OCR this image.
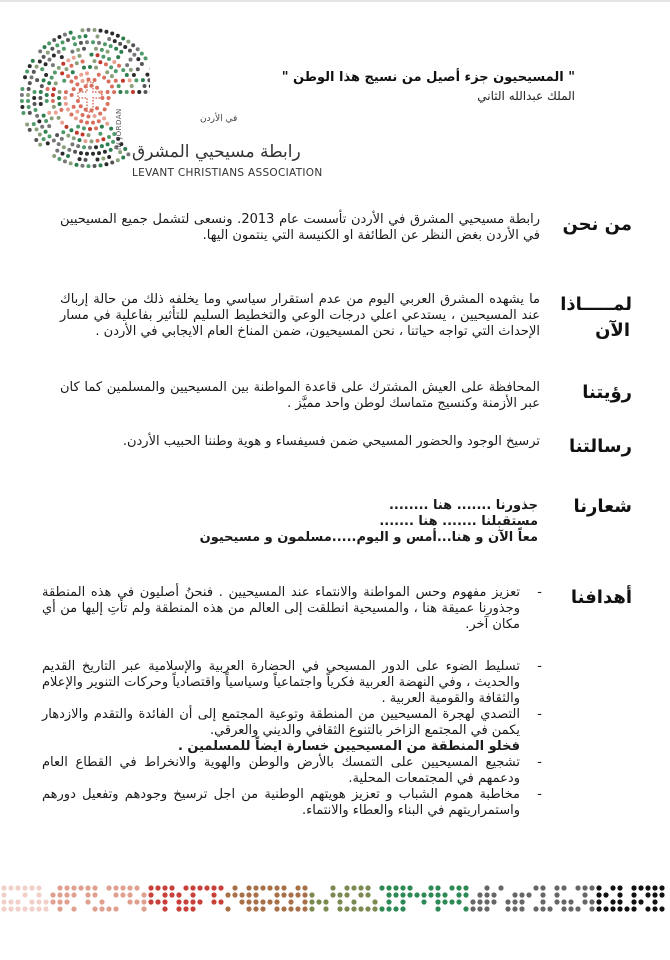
في الأردن
رابطة مسيحيي المشرق
LEVANT CHRISTIANS ASSOCIATION
IN JORDAN
" المسيحيون جزء أصيل من نسيج هذا الوطن "
الملك عبدالله الثاني
من نحن
رابطة مسيحيي المشرق في الأردن تأسست عام 2013. ونسعى لتشمل جميع المسيحيين في الأردن بغض النظر عن الطائفة او الكنيسة التي ينتمون اليها.
لمـــــاذا
الآن
ما يشهده المشرق العربي اليوم من عدم استقرار سياسي وما يخلفه ذلك من حالة إرباك عند المسيحيين ، يستدعي اعلي درجات الوعي والتخطيط السليم للتأثير بفاعلية في مسار الإحداث التي تواجه حياتنا ، نحن المسيحيون، ضمن المناخ العام الايجابي في الأردن .
رؤيتنا
المحافظة على العيش المشترك على قاعدة المواطنة بين المسيحيين والمسلمين كما كان عبر الأزمنة وكنسيج متماسك لوطن واحد مميَّز .
رسالتنا
ترسيخ الوجود والحضور المسيحي ضمن فسيفساء و هوية وطننا الحبيب الأردن.
شعارنا
جذورنا ....... هنا ........
مستقبلنا ....... هنا .......
معاً الآن و هنا...أمس و اليوم.....مسلمون و مسيحيون
أهدافنا
-
تعزيز مفهوم وحس المواطنة والانتماء عند المسيحيين . فنحنُ أصليون في هذه المنطقة وجذورنا عميقة هنا ، والمسيحية انطلقت إلى العالم من هذه المنطقة ولم تأتِ إليها من أي مكان آخر.
-
تسليط الضوء على الدور المسيحي في الحضارة العربية والإسلامية عبر التاريخ القديم والحديث ، وفي النهضة العربية فكرياً واجتماعياً وسياسياً واقتصادياً وحركات التنوير والإعلام والثقافة والقومية العربية .
-
التصدي لهجرة المسيحيين من المنطقة وتوعية المجتمع إلى أن الفائدة والتقدم والازدهار يكمن في المجتمع الزاخر بالتنوع الثقافي والديني والعرقي.
فخلو المنطقة من المسيحيين خسارة ايضاً للمسلمين .
-
تشجيع المسيحيين على التمسك بالأرض والوطن والهوية والانخراط في القطاع العام ودعمهم في المجتمعات المحلية.
-
مخاطبة هموم الشباب و تعزيز هويتهم الوطنية من اجل ترسيخ وجودهم وتفعيل دورهم واستمراريتهم في البناء والعطاء والانتماء.
